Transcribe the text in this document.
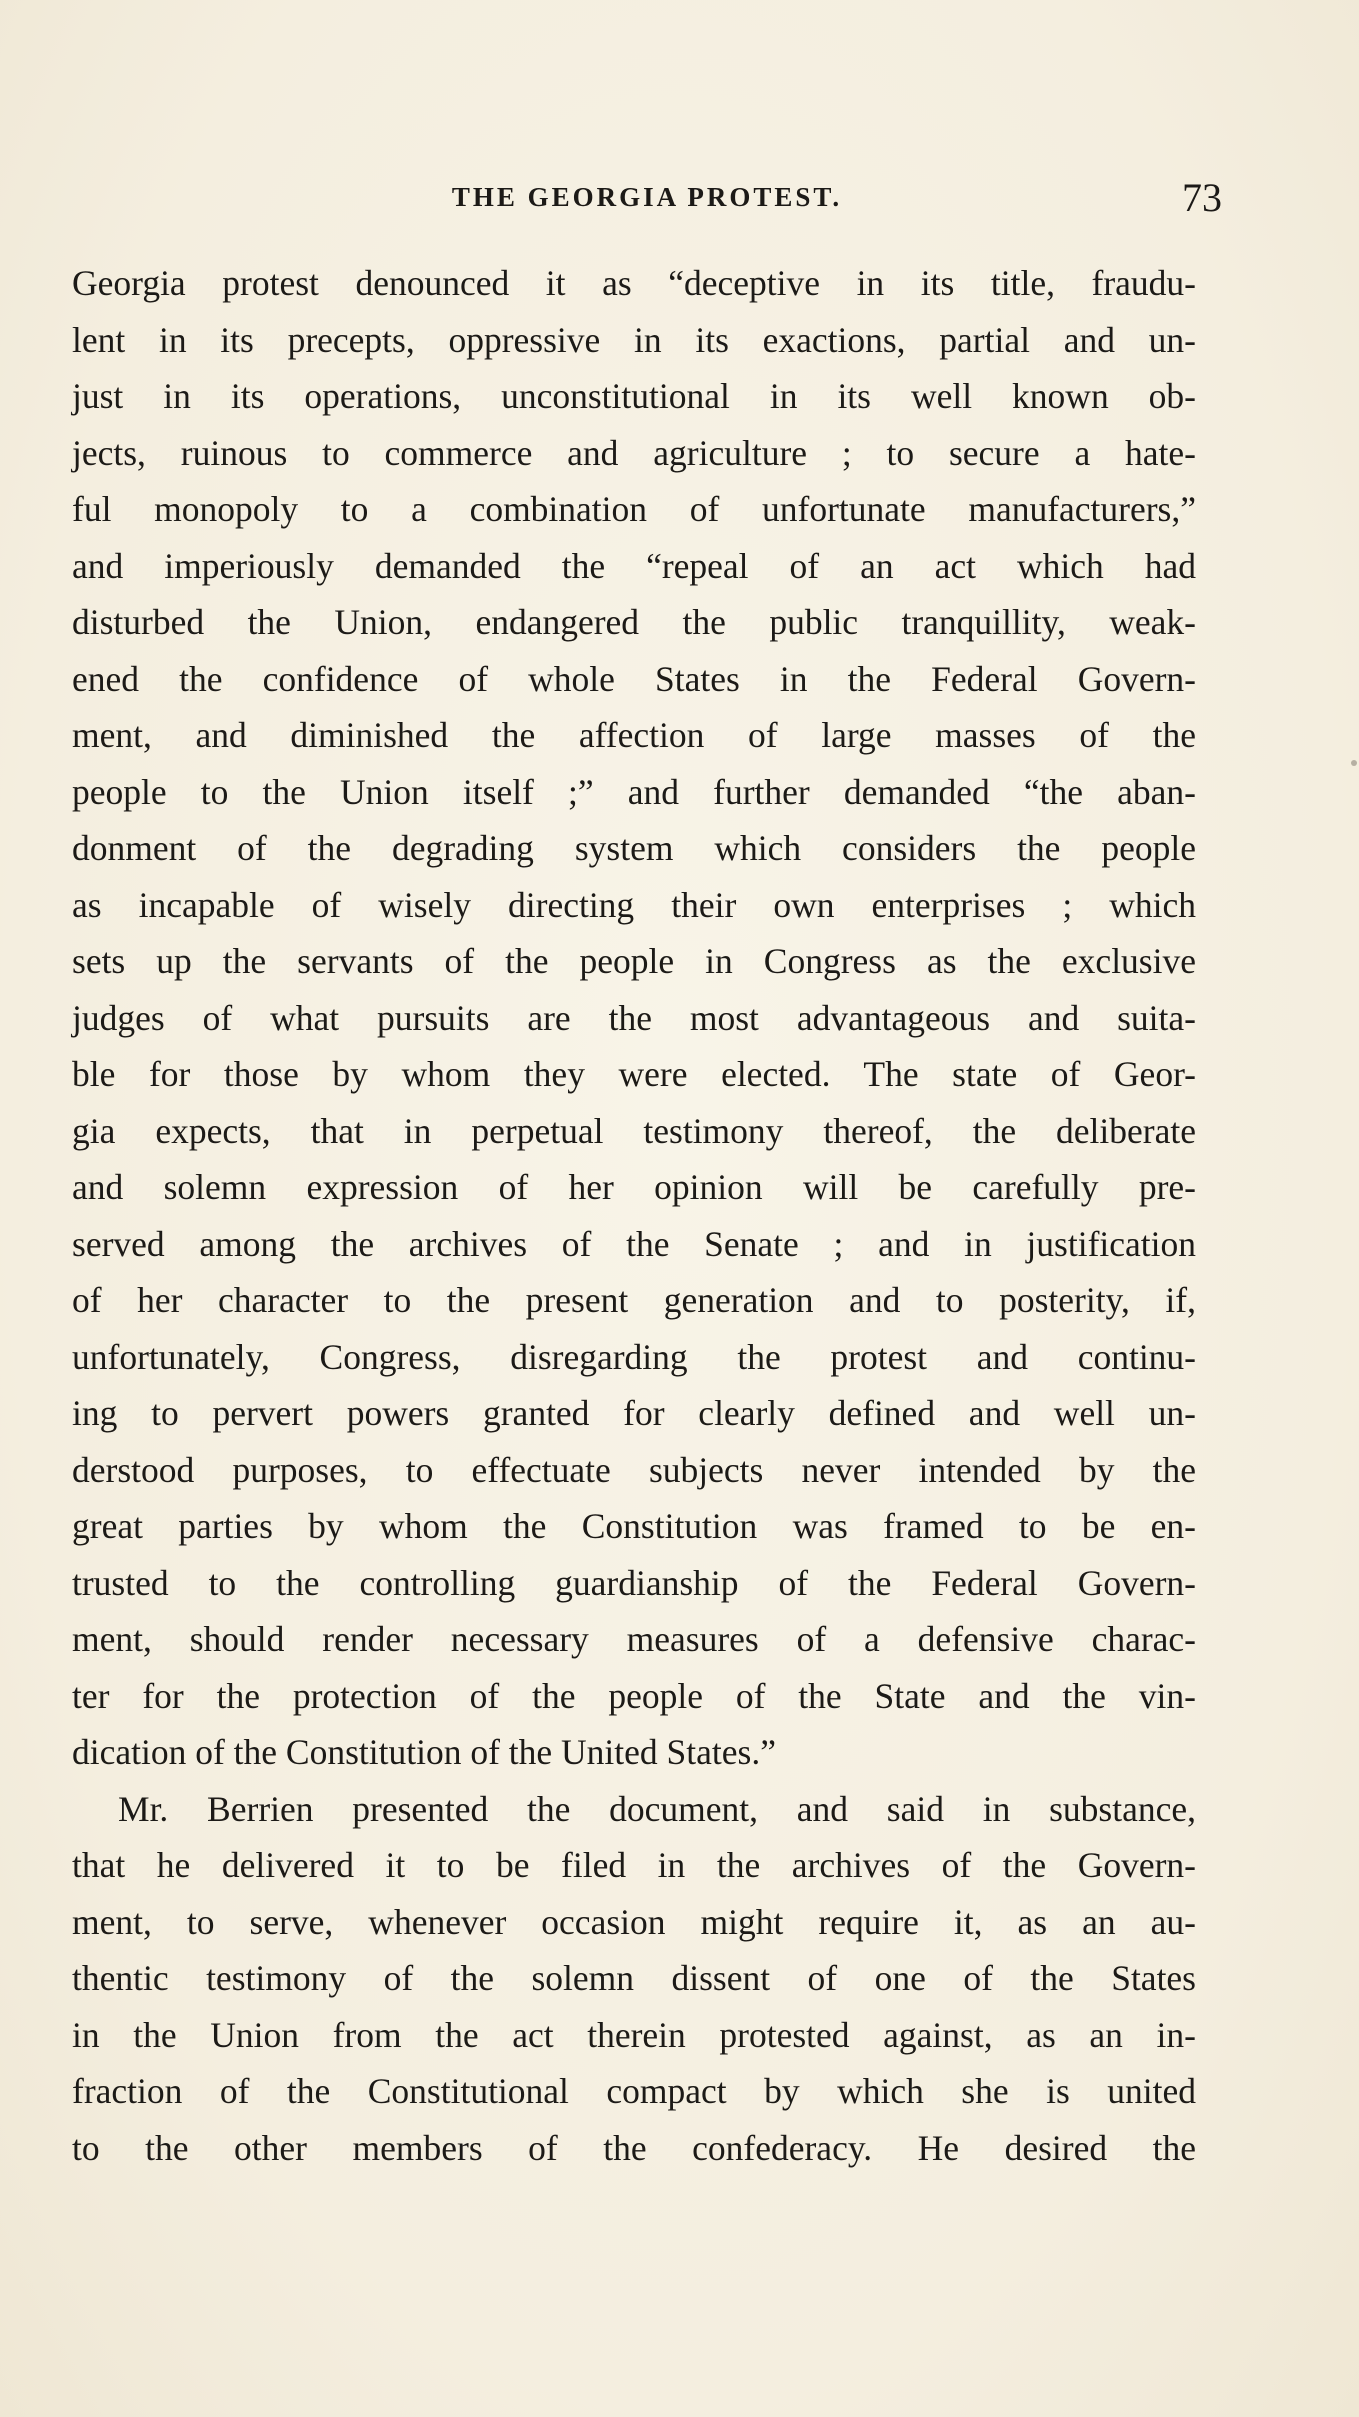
THE GEORGIA PROTEST.	73
Georgia protest denounced it as “deceptive in its title, fraudu-
lent in its precepts, oppressive in its exactions, partial and un-
just in its operations, unconstitutional in its well known ob-
jects, ruinous to commerce and agriculture ; to secure a hate-
ful monopoly to a combination of unfortunate manufacturers,”
and imperiously demanded the “repeal of an act which had
disturbed the Union, endangered the public tranquillity, weak-
ened the confidence of whole States in the Federal Govern-
ment, and diminished the affection of large masses of the
people to the Union itself ;” and further demanded “the aban-
donment of the degrading system which considers the people
as incapable of wisely directing their own enterprises ; which
sets up the servants of the people in Congress as the exclusive
judges of what pursuits are the most advantageous and suita-
ble for those by whom they were elected. The state of Geor-
gia expects, that in perpetual testimony thereof, the deliberate
and solemn expression of her opinion will be carefully pre-
served among the archives of the Senate ; and in justification
of her character to the present generation and to posterity, if,
unfortunately, Congress, disregarding the protest and continu-
ing to pervert powers granted for clearly defined and well un-
derstood purposes, to effectuate subjects never intended by the
great parties by whom the Constitution was framed to be en-
trusted to the controlling guardianship of the Federal Govern-
ment, should render necessary measures of a defensive charac-
ter for the protection of the people of the State and the vin-
dication of the Constitution of the United States.”
Mr. Berrien presented the document, and said in substance,
that he delivered it to be filed in the archives of the Govern-
ment, to serve, whenever occasion might require it, as an au-
thentic testimony of the solemn dissent of one of the States
in the Union from the act therein protested against, as an in-
fraction of the Constitutional compact by which she is united
to the other members of the confederacy. He desired the
